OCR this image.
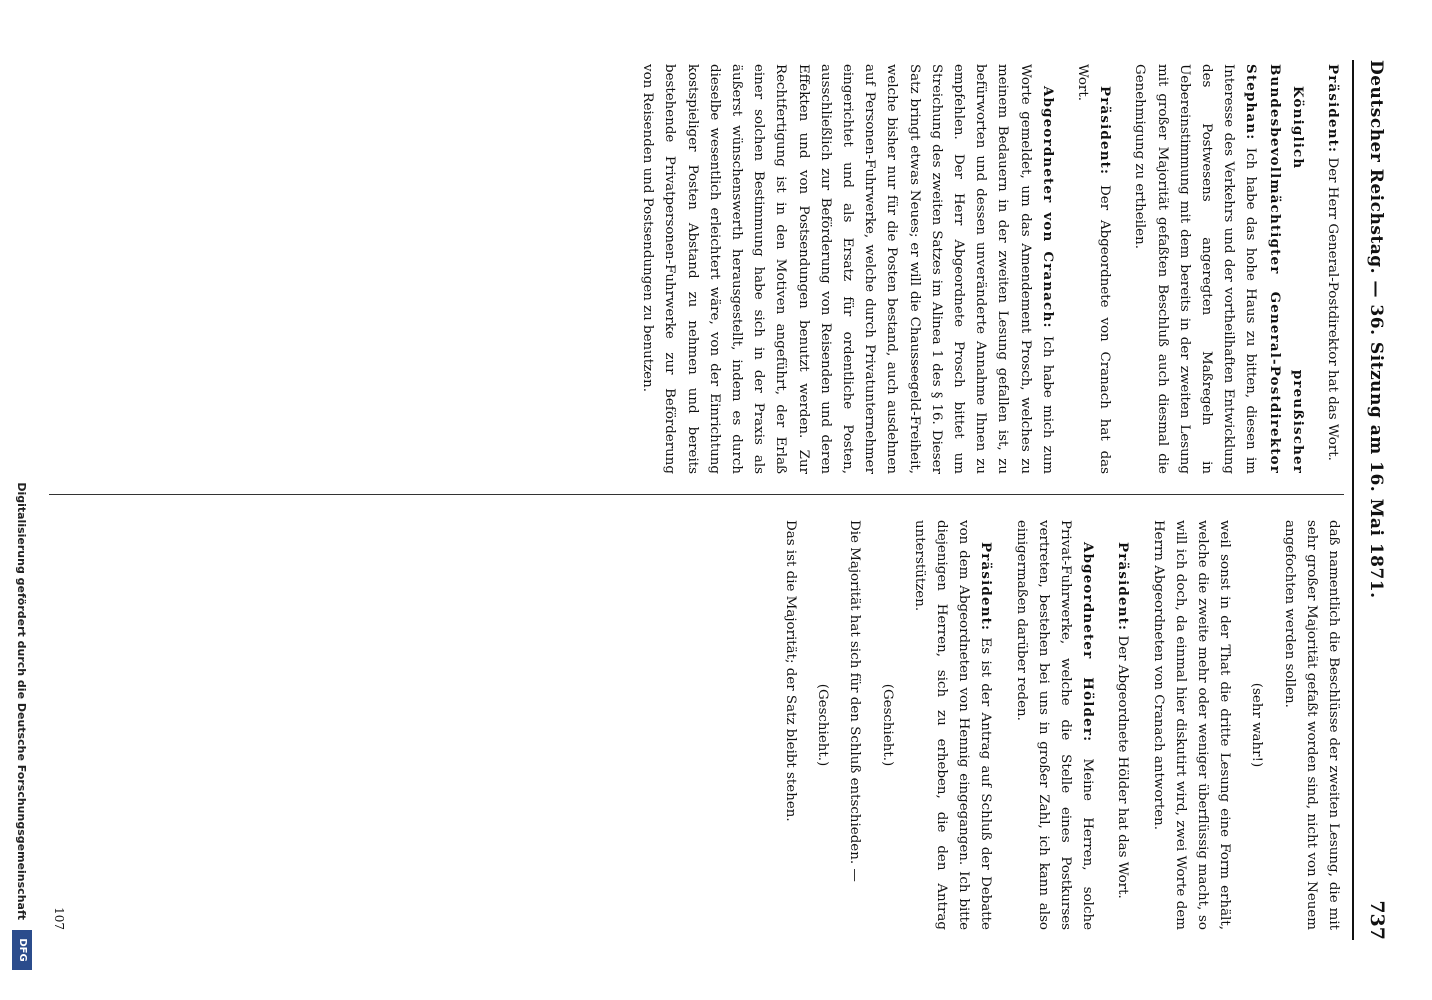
Deutscher Reichstag. — 36. Sitzung am 16. Mai 1871.
737

Präsident: Der Herr General-Postdirektor hat das Wort.

Königlich preußischer Bundesbevollmächtigter General-Postdirektor Stephan: Ich habe das hohe Haus zu bitten, diesen im Interesse des Verkehrs und der vortheilhaften Entwicklung des Postwesens angeregten Maßregeln in Uebereinstimmung mit dem bereits in der zweiten Lesung mit großer Majorität gefaßten Beschluß auch diesmal die Genehmigung zu ertheilen.

Präsident: Der Abgeordnete von Cranach hat das Wort.

Abgeordneter von Cranach: Ich habe mich zum Worte gemeldet, um das Amendement Prosch, welches zu meinem Bedauern in der zweiten Lesung gefallen ist, zu befürworten und dessen unveränderte Annahme Ihnen zu empfehlen. Der Herr Abgeordnete Prosch bittet um Streichung des zweiten Satzes im Alinea 1 des § 16. Dieser Satz bringt etwas Neues; er will die Chausseegeld-Freiheit, welche bisher nur für die Posten bestand, auch ausdehnen auf Personen-Fuhrwerke, welche durch Privatunternehmer eingerichtet und als Ersatz für ordentliche Posten, ausschließlich zur Beförderung von Reisenden und deren Effekten und von Postsendungen benutzt werden. Zur Rechtfertigung ist in den Motiven angeführt, der Erlaß einer solchen Bestimmung habe sich in der Praxis als äußerst wünschenswerth herausgestellt, indem es durch dieselbe wesentlich erleichtert wäre, von der Einrichtung kostspieliger Posten Abstand zu nehmen und bereits bestehende Privatpersonen-Fuhrwerke zur Beförderung von Reisenden und Postsendungen zu benutzen.

daß namentlich die Beschlüsse der zweiten Lesung, die mit sehr großer Majorität gefaßt worden sind, nicht von Neuem angefochten werden sollen.

(sehr wahr!)

weil sonst in der That die dritte Lesung eine Form erhält, welche die zweite mehr oder weniger überflüssig macht, so will ich doch, da einmal hier diskutirt wird, zwei Worte dem Herrn Abgeordneten von Cranach antworten.

Präsident: Der Abgeordnete Hölder hat das Wort.

Abgeordneter Hölder: Meine Herren, solche Privat-Fuhrwerke, welche die Stelle eines Postkurses vertreten, bestehen bei uns in großer Zahl, ich kann also einigermaßen darüber reden.

Präsident: Es ist der Antrag auf Schluß der Debatte von dem Abgeordneten von Hennig eingegangen. Ich bitte diejenigen Herren, sich zu erheben, die den Antrag unterstützen.

(Geschieht.)

Die Majorität hat sich für den Schluß entschieden. —

(Geschieht.)

Das ist die Majorität; der Satz bleibt stehen.

107
Digitalisierung gefördert durch die Deutsche Forschungsgemeinschaft
DFG
